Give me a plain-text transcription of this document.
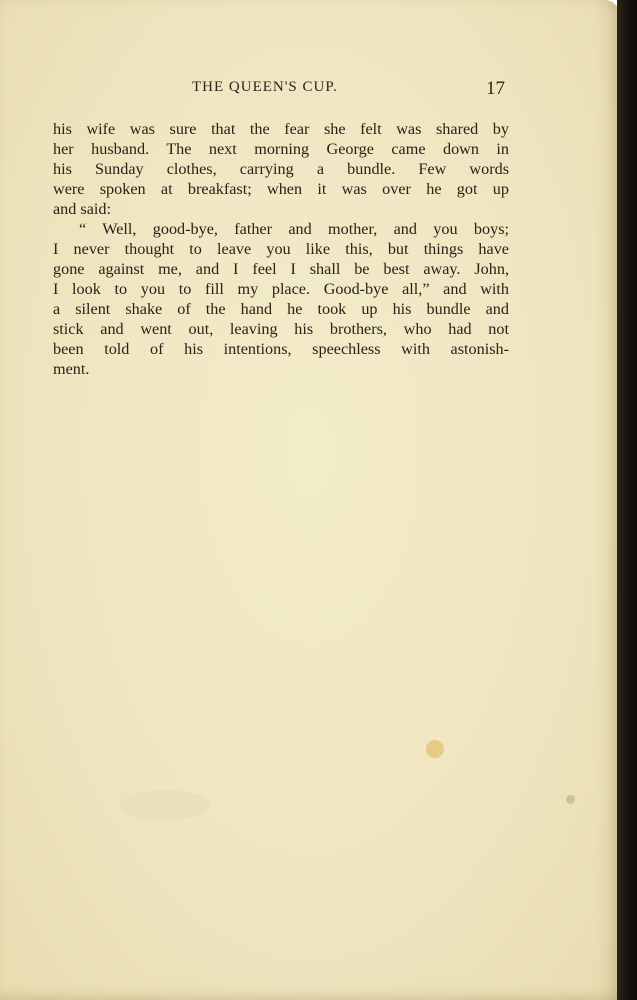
THE QUEEN'S CUP.	17
his wife was sure that the fear she felt was shared by
her husband. The next morning George came down in
his Sunday clothes, carrying a bundle. Few words
were spoken at breakfast; when it was over he got up
and said:
“ Well, good-bye, father and mother, and you boys;
I never thought to leave you like this, but things have
gone against me, and I feel I shall be best away. John,
I look to you to fill my place. Good-bye all,” and with
a silent shake of the hand he took up his bundle and
stick and went out, leaving his brothers, who had not
been told of his intentions, speechless with astonish-
ment.
